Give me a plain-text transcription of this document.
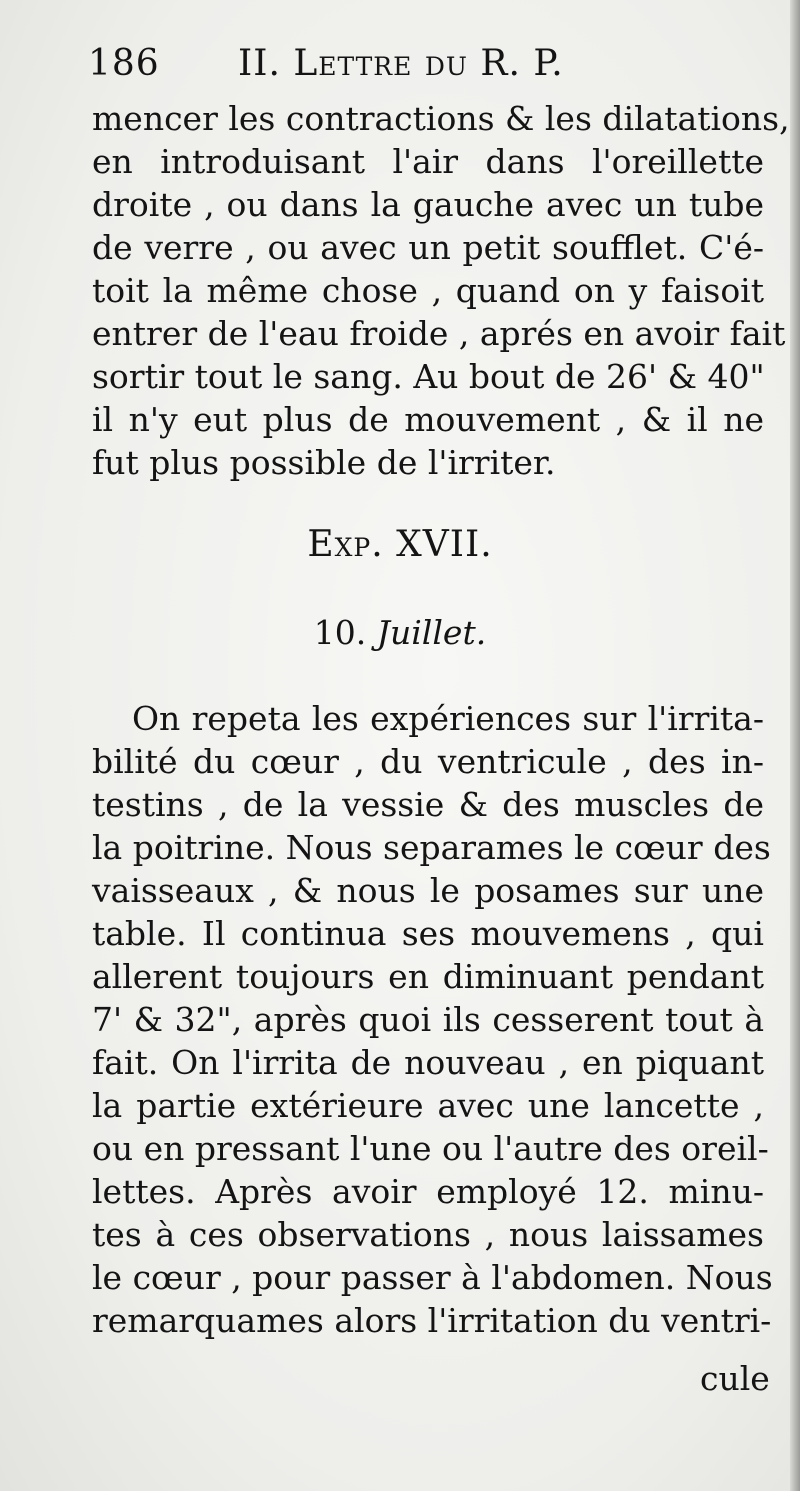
186 II. Lettre du R. P.
mencer les contractions & les dilatations,
en introduisant l'air dans l'oreillette
droite , ou dans la gauche avec un tube
de verre , ou avec un petit soufflet. C'é-
toit la même chose , quand on y faisoit
entrer de l'eau froide , aprés en avoir fait
sortir tout le sang. Au bout de 26' & 40"
il n'y eut plus de mouvement , & il ne
fut plus possible de l'irriter.
Exp. XVII.
10. Juillet.
On repeta les expériences sur l'irrita-
bilité du cœur , du ventricule , des in-
testins , de la vessie & des muscles de
la poitrine. Nous separames le cœur des
vaisseaux , & nous le posames sur une
table. Il continua ses mouvemens , qui
allerent toujours en diminuant pendant
7' & 32", après quoi ils cesserent tout à
fait. On l'irrita de nouveau , en piquant
la partie extérieure avec une lancette ,
ou en pressant l'une ou l'autre des oreil-
lettes. Après avoir employé 12. minu-
tes à ces observations , nous laissames
le cœur , pour passer à l'abdomen. Nous
remarquames alors l'irritation du ventri-
cule
